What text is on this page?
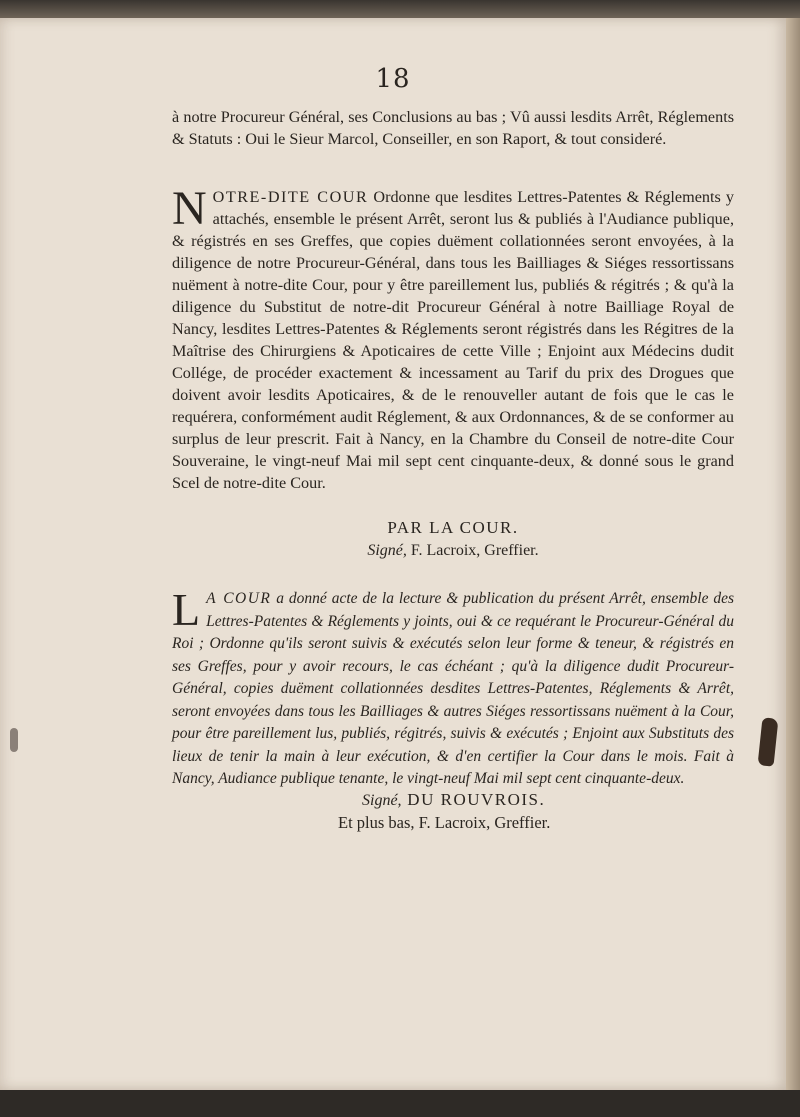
18

à notre Procureur Général, ses Conclusions au bas ; Vû aussi lesdits Arrêt, Réglements & Statuts : Oui le Sieur Marcol, Conseiller, en son Raport, & tout consideré.

NOTRE-DITE COUR Ordonne que lesdites Lettres-Patentes & Réglements y attachés, ensemble le présent Arrêt, seront lus & publiés à l'Audiance publique, & régistrés en ses Greffes, que copies duëment collationnées seront envoyées, à la diligence de notre Procureur-Général, dans tous les Bailliages & Siéges ressortissans nuëment à notre-dite Cour, pour y être pareillement lus, publiés & régitrés ; & qu'à la diligence du Substitut de notre-dit Procureur Général à notre Bailliage Royal de Nancy, lesdites Lettres-Patentes & Réglements seront régistrés dans les Régitres de la Maîtrise des Chirurgiens & Apoticaires de cette Ville ; Enjoint aux Médecins dudit Collége, de procéder exactement & incessament au Tarif du prix des Drogues que doivent avoir lesdits Apoticaires, & de le renouveller autant de fois que le cas le requérera, conformément audit Réglement, & aux Ordonnances, & de se conformer au surplus de leur prescrit. Fait à Nancy, en la Chambre du Conseil de notre-dite Cour Souveraine, le vingt-neuf Mai mil sept cent cinquante-deux, & donné sous le grand Scel de notre-dite Cour.

PAR LA COUR.
Signé, F. Lacroix, Greffier.

L A COUR a donné acte de la lecture & publication du présent Arrêt, ensemble des Lettres-Patentes & Réglements y joints, oui & ce requérant le Procureur-Général du Roi ; Ordonne qu'ils seront suivis & exécutés selon leur forme & teneur, & régistrés en ses Greffes, pour y avoir recours, le cas échéant ; qu'à la diligence dudit Procureur-Général, copies duëment collationnées desdites Lettres-Patentes, Réglements & Arrêt, seront envoyées dans tous les Bailliages & autres Siéges ressortissans nuëment à la Cour, pour être pareillement lus, publiés, régitrés, suivis & exécutés ; Enjoint aux Substituts des lieux de tenir la main à leur exécution, & d'en certifier la Cour dans le mois. Fait à Nancy, Audiance publique tenante, le vingt-neuf Mai mil sept cent cinquante-deux.

Signé, DU ROUVROIS.
Et plus bas, F. Lacroix, Greffier.
